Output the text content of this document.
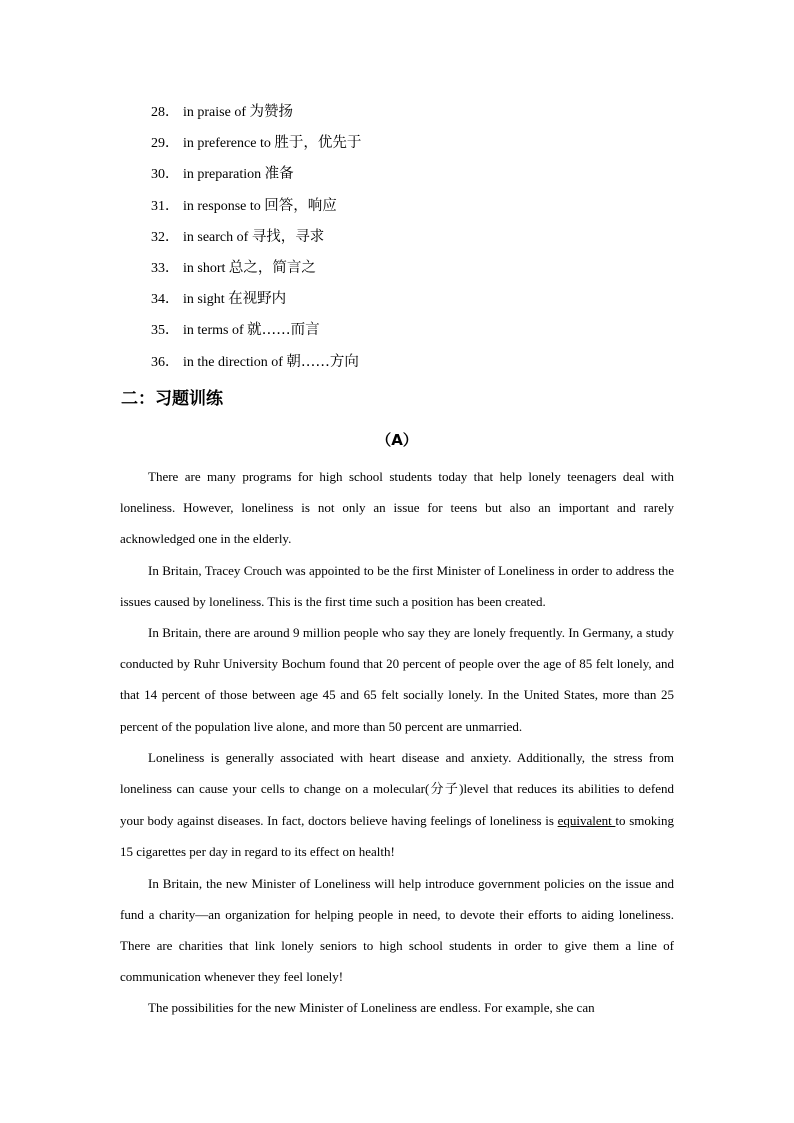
28． in praise of 为赞扬
29． in preference to 胜于，优先于
30． in preparation 准备
31． in response to 回答，响应
32． in search of 寻找，寻求
33． in short 总之，简言之
34． in sight 在视野内
35． in terms of 就……而言
36． in the direction of 朝……方向
二：习题训练
（A）

There are many programs for high school students today that help lonely teenagers deal with loneliness. However, loneliness is not only an issue for teens but also an important and rarely acknowledged one in the elderly.

In Britain, Tracey Crouch was appointed to be the first Minister of Loneliness in order to address the issues caused by loneliness. This is the first time such a position has been created.

In Britain, there are around 9 million people who say they are lonely frequently. In Germany, a study conducted by Ruhr University Bochum found that 20 percent of people over the age of 85 felt lonely, and that 14 percent of those between age 45 and 65 felt socially lonely. In the United States, more than 25 percent of the population live alone, and more than 50 percent are unmarried.

Loneliness is generally associated with heart disease and anxiety. Additionally, the stress from loneliness can cause your cells to change on a molecular(分子)level that reduces its abilities to defend your body against diseases. In fact, doctors believe having feelings of loneliness is equivalent to smoking 15 cigarettes per day in regard to its effect on health!

In Britain, the new Minister of Loneliness will help introduce government policies on the issue and fund a charity—an organization for helping people in need, to devote their efforts to aiding loneliness. There are charities that link lonely seniors to high school students in order to give them a line of communication whenever they feel lonely!

The possibilities for the new Minister of Loneliness are endless. For example, she can
